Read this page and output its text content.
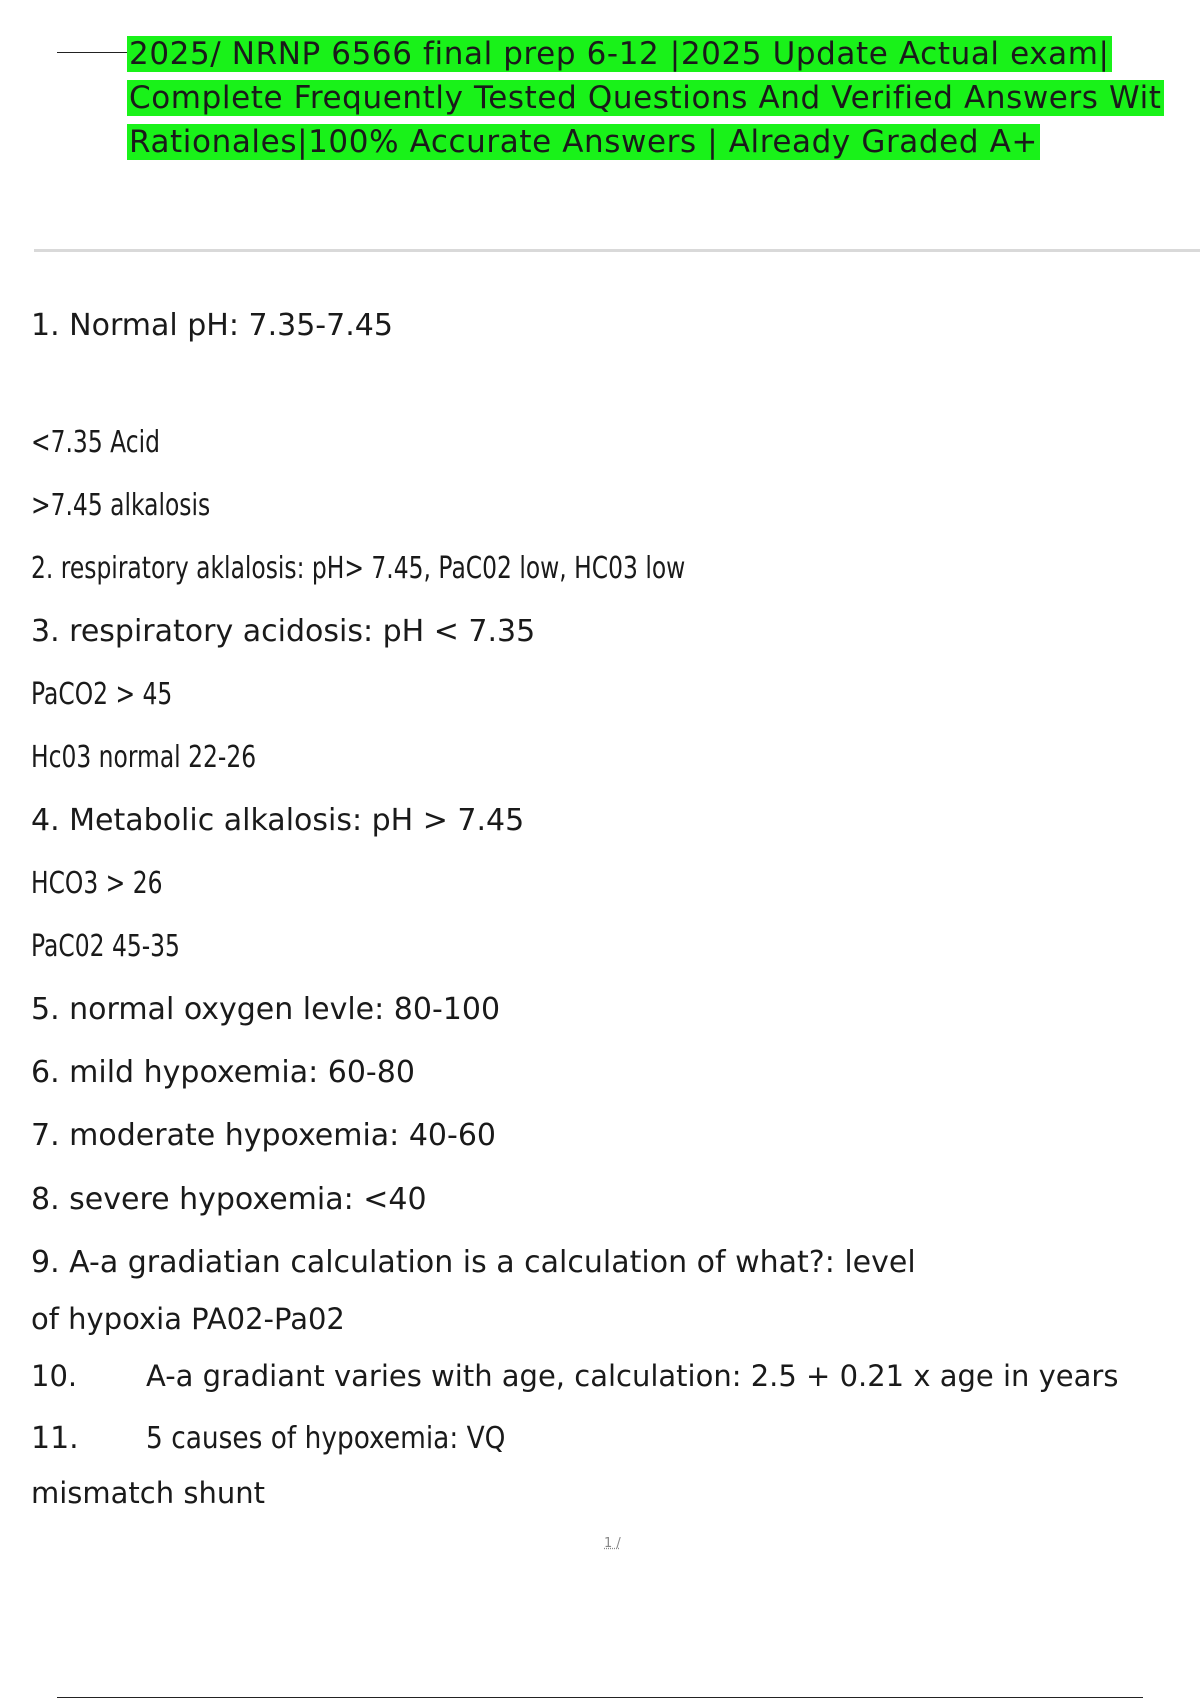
2025/ NRNP 6566 final prep 6-12 |2025 Update Actual exam|
Complete Frequently Tested Questions And Verified Answers Wit
Rationales|100% Accurate Answers | Already Graded A+
1. Normal pH: 7.35-7.45
<7.35 Acid
>7.45 alkalosis
2. respiratory aklalosis: pH> 7.45, PaC02 low, HC03 low
3. respiratory acidosis: pH < 7.35
PaCO2 > 45
Hc03 normal 22-26
4. Metabolic alkalosis: pH > 7.45
HCO3 > 26
PaC02 45-35
5. normal oxygen levle: 80-100
6. mild hypoxemia: 60-80
7. moderate hypoxemia: 40-60
8. severe hypoxemia: <40
9. A-a gradiatian calculation is a calculation of what?: level
of hypoxia PA02-Pa02
10. A-a gradiant varies with age, calculation: 2.5 + 0.21 x age in years
11. 5 causes of hypoxemia: VQ
mismatch shunt
1 /
